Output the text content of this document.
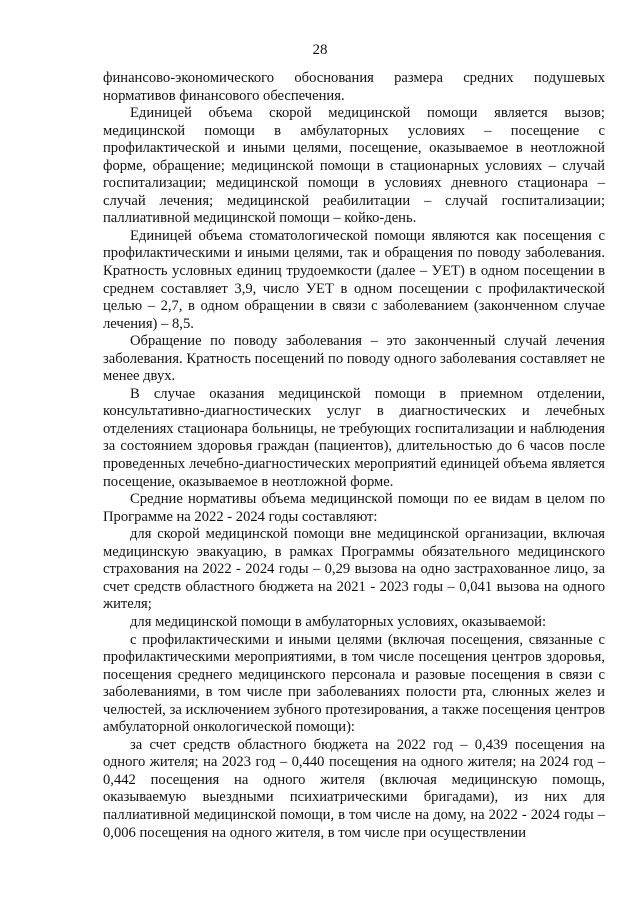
28

финансово-экономического обоснования размера средних подушевых нормативов финансового обеспечения.

Единицей объема скорой медицинской помощи является вызов; медицинской помощи в амбулаторных условиях – посещение с профилактической и иными целями, посещение, оказываемое в неотложной форме, обращение; медицинской помощи в стационарных условиях – случай госпитализации; медицинской помощи в условиях дневного стационара – случай лечения; медицинской реабилитации – случай госпитализации; паллиативной медицинской помощи – койко-день.

Единицей объема стоматологической помощи являются как посещения с профилактическими и иными целями, так и обращения по поводу заболевания. Кратность условных единиц трудоемкости (далее – УЕТ) в одном посещении в среднем составляет 3,9, число УЕТ в одном посещении с профилактической целью – 2,7, в одном обращении в связи с заболеванием (законченном случае лечения) – 8,5.

Обращение по поводу заболевания – это законченный случай лечения заболевания. Кратность посещений по поводу одного заболевания составляет не менее двух.

В случае оказания медицинской помощи в приемном отделении, консультативно-диагностических услуг в диагностических и лечебных отделениях стационара больницы, не требующих госпитализации и наблюдения за состоянием здоровья граждан (пациентов), длительностью до 6 часов после проведенных лечебно-диагностических мероприятий единицей объема является посещение, оказываемое в неотложной форме.

Средние нормативы объема медицинской помощи по ее видам в целом по Программе на 2022 - 2024 годы составляют:

для скорой медицинской помощи вне медицинской организации, включая медицинскую эвакуацию, в рамках Программы обязательного медицинского страхования на 2022 - 2024 годы – 0,29 вызова на одно застрахованное лицо, за счет средств областного бюджета на 2021 - 2023 годы – 0,041 вызова на одного жителя;

для медицинской помощи в амбулаторных условиях, оказываемой:

с профилактическими и иными целями (включая посещения, связанные с профилактическими мероприятиями, в том числе посещения центров здоровья, посещения среднего медицинского персонала и разовые посещения в связи с заболеваниями, в том числе при заболеваниях полости рта, слюнных желез и челюстей, за исключением зубного протезирования, а также посещения центров амбулаторной онкологической помощи):

за счет средств областного бюджета на 2022 год – 0,439 посещения на одного жителя; на 2023 год – 0,440 посещения на одного жителя; на 2024 год – 0,442 посещения на одного жителя (включая медицинскую помощь, оказываемую выездными психиатрическими бригадами), из них для паллиативной медицинской помощи, в том числе на дому, на 2022 - 2024 годы – 0,006 посещения на одного жителя, в том числе при осуществлении
